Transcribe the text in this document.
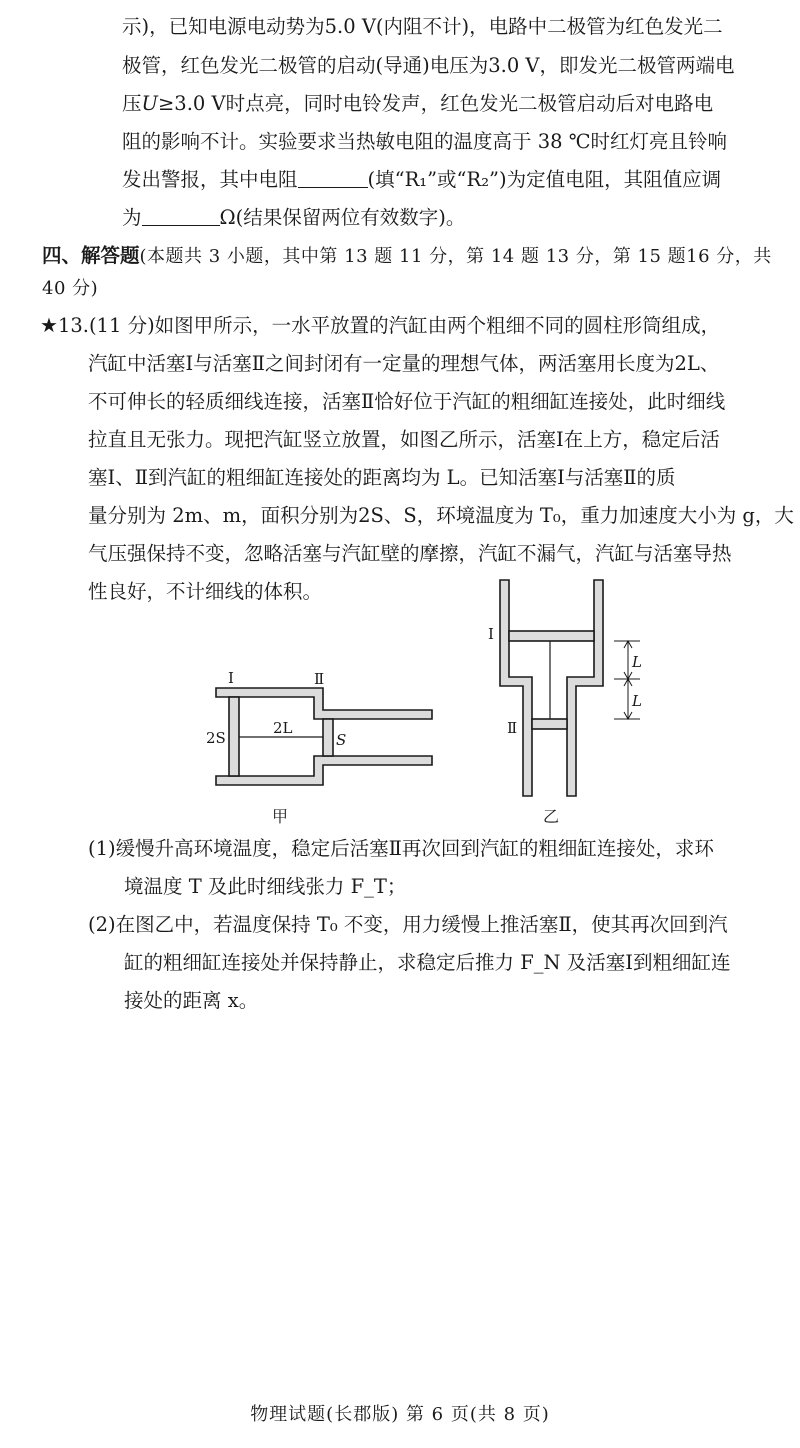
示)，已知电源电动势为5.0 V(内阻不计)，电路中二极管为红色发光二
极管，红色发光二极管的启动(导通)电压为3.0 V，即发光二极管两端电
压U≥3.0 V时点亮，同时电铃发声，红色发光二极管启动后对电路电
阻的影响不计。实验要求当热敏电阻的温度高于 38 ℃时红灯亮且铃响
发出警报，其中电阻	(填“R₁”或“R₂”)为定值电阻，其阻值应调
为	Ω(结果保留两位有效数字)。
四、解答题(本题共 3 小题，其中第 13 题 11 分，第 14 题 13 分，第 15 题16 分，共
40 分)
★13.(11 分)如图甲所示，一水平放置的汽缸由两个粗细不同的圆柱形筒组成，
汽缸中活塞Ⅰ与活塞Ⅱ之间封闭有一定量的理想气体，两活塞用长度为2L、
不可伸长的轻质细线连接，活塞Ⅱ恰好位于汽缸的粗细缸连接处，此时细线
拉直且无张力。现把汽缸竖立放置，如图乙所示，活塞Ⅰ在上方，稳定后活
塞Ⅰ、Ⅱ到汽缸的粗细缸连接处的距离均为 L。已知活塞Ⅰ与活塞Ⅱ的质
量分别为 2m、m，面积分别为2S、S，环境温度为 T₀，重力加速度大小为 g，大
气压强保持不变，忽略活塞与汽缸壁的摩擦，汽缸不漏气，汽缸与活塞导热
性良好，不计细线的体积。
Ⅰ	Ⅱ
2S
2L
S
甲
Ⅰ
Ⅱ
L
L
乙
(1)缓慢升高环境温度，稳定后活塞Ⅱ再次回到汽缸的粗细缸连接处，求环
境温度 T 及此时细线张力 F_T；
(2)在图乙中，若温度保持 T₀ 不变，用力缓慢上推活塞Ⅱ，使其再次回到汽
缸的粗细缸连接处并保持静止，求稳定后推力 F_N 及活塞Ⅰ到粗细缸连
接处的距离 x。
物理试题(长郡版) 第 6 页(共 8 页)
